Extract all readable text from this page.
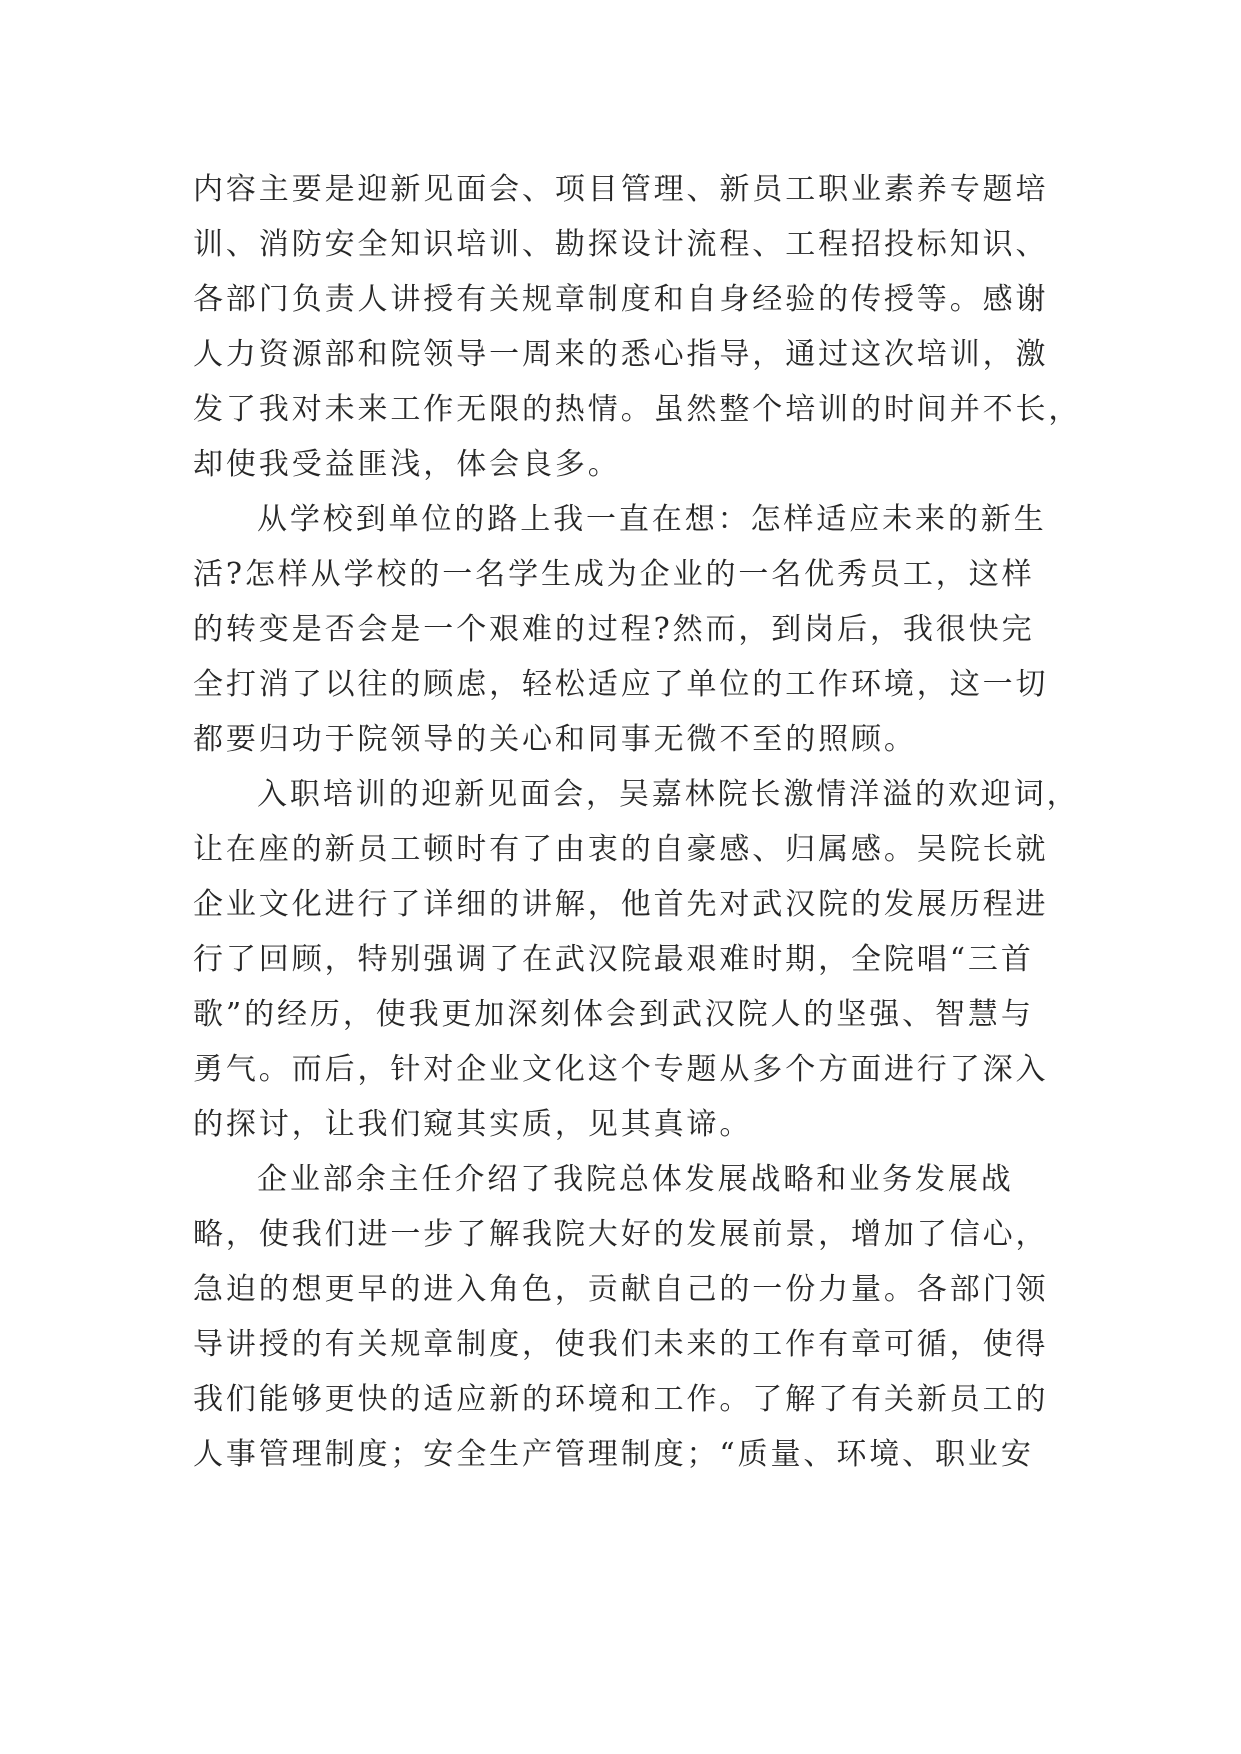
内容主要是迎新见面会、项目管理、新员工职业素养专题培
训、消防安全知识培训、勘探设计流程、工程招投标知识、
各部门负责人讲授有关规章制度和自身经验的传授等。感谢
人力资源部和院领导一周来的悉心指导，通过这次培训，激
发了我对未来工作无限的热情。虽然整个培训的时间并不长，
却使我受益匪浅，体会良多。
从学校到单位的路上我一直在想：怎样适应未来的新生
活?怎样从学校的一名学生成为企业的一名优秀员工，这样
的转变是否会是一个艰难的过程?然而，到岗后，我很快完
全打消了以往的顾虑，轻松适应了单位的工作环境，这一切
都要归功于院领导的关心和同事无微不至的照顾。
入职培训的迎新见面会，吴嘉林院长激情洋溢的欢迎词，
让在座的新员工顿时有了由衷的自豪感、归属感。吴院长就
企业文化进行了详细的讲解，他首先对武汉院的发展历程进
行了回顾，特别强调了在武汉院最艰难时期，全院唱“三首
歌”的经历，使我更加深刻体会到武汉院人的坚强、智慧与
勇气。而后，针对企业文化这个专题从多个方面进行了深入
的探讨，让我们窥其实质，见其真谛。
企业部余主任介绍了我院总体发展战略和业务发展战
略，使我们进一步了解我院大好的发展前景，增加了信心，
急迫的想更早的进入角色，贡献自己的一份力量。各部门领
导讲授的有关规章制度，使我们未来的工作有章可循，使得
我们能够更快的适应新的环境和工作。了解了有关新员工的
人事管理制度；安全生产管理制度；“质量、环境、职业安
